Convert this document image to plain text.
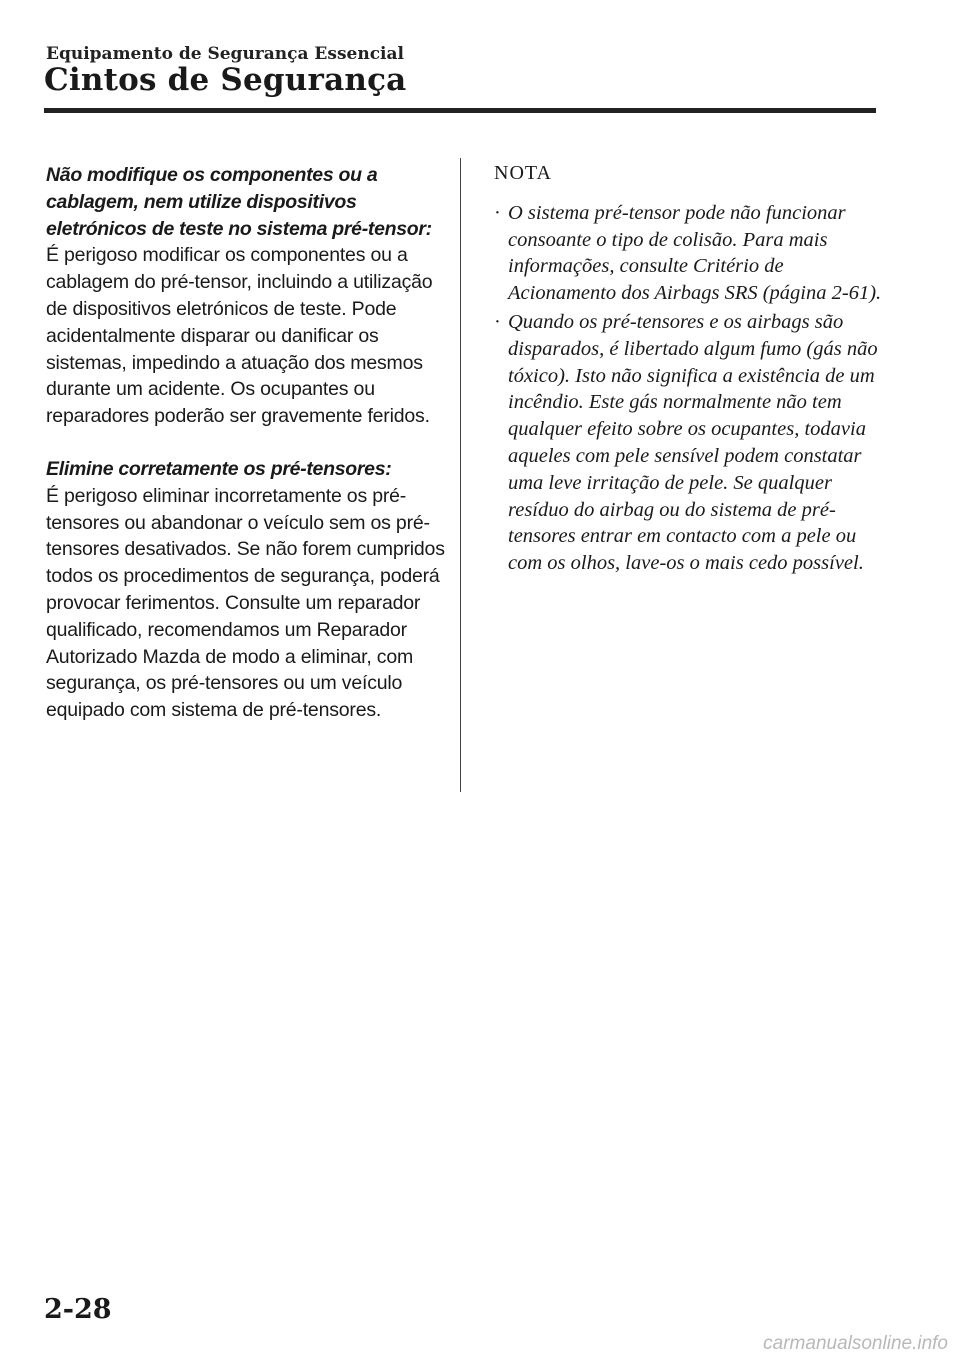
Equipamento de Segurança Essencial
Cintos de Segurança
Não modifique os componentes ou a cablagem, nem utilize dispositivos eletrónicos de teste no sistema pré-tensor:

É perigoso modificar os componentes ou a cablagem do pré-tensor, incluindo a utilização de dispositivos eletrónicos de teste. Pode acidentalmente disparar ou danificar os sistemas, impedindo a atuação dos mesmos durante um acidente. Os ocupantes ou reparadores poderão ser gravemente feridos.

Elimine corretamente os pré-tensores:

É perigoso eliminar incorretamente os pré-tensores ou abandonar o veículo sem os pré-tensores desativados. Se não forem cumpridos todos os procedimentos de segurança, poderá provocar ferimentos. Consulte um reparador qualificado, recomendamos um Reparador Autorizado Mazda de modo a eliminar, com segurança, os pré-tensores ou um veículo equipado com sistema de pré-tensores.

NOTA
· O sistema pré-tensor pode não funcionar consoante o tipo de colisão. Para mais informações, consulte Critério de Acionamento dos Airbags SRS (página 2-61).
· Quando os pré-tensores e os airbags são disparados, é libertado algum fumo (gás não tóxico). Isto não significa a existência de um incêndio. Este gás normalmente não tem qualquer efeito sobre os ocupantes, todavia aqueles com pele sensível podem constatar uma leve irritação de pele. Se qualquer resíduo do airbag ou do sistema de pré-tensores entrar em contacto com a pele ou com os olhos, lave-os o mais cedo possível.
2-28
carmanualsonline.info
